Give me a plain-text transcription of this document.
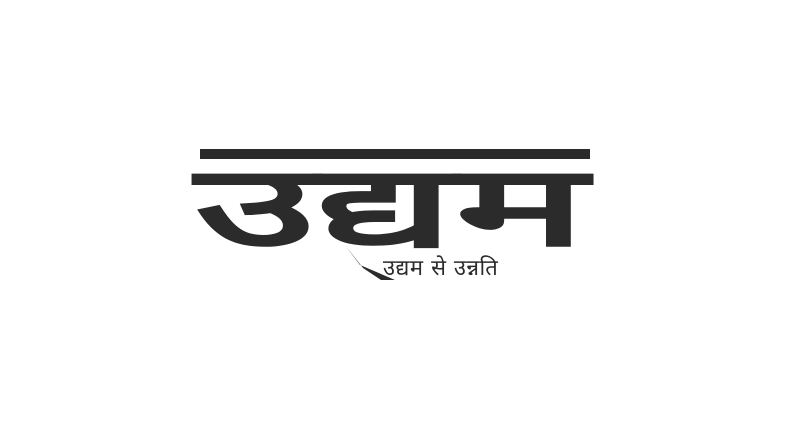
उद्यम

उद्यम से उन्नति
